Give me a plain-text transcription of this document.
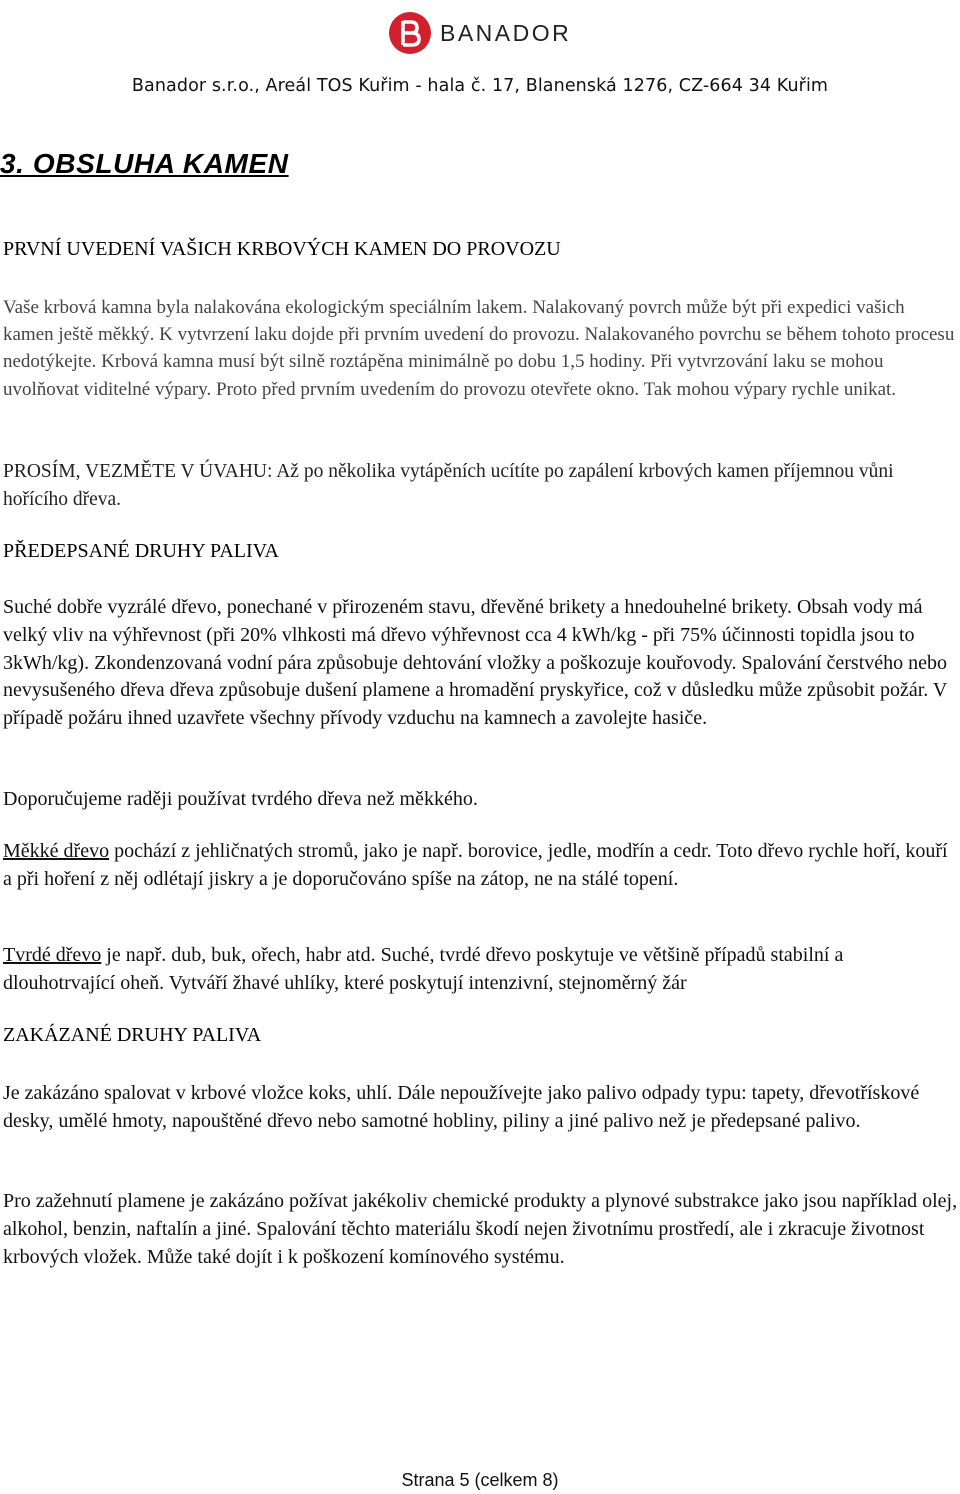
BANADOR
Banador s.r.o., Areál TOS Kuřim - hala č. 17, Blanenská 1276, CZ-664 34 Kuřim
3. OBSLUHA KAMEN
PRVNÍ UVEDENÍ VAŠICH KRBOVÝCH KAMEN DO PROVOZU

Vaše krbová kamna byla nalakována ekologickým speciálním lakem. Nalakovaný povrch může být při expedici vašich kamen ještě měkký. K vytvrzení laku dojde při prvním uvedení do provozu. Nalakovaného povrchu se během tohoto procesu nedotýkejte. Krbová kamna musí být silně roztápěna minimálně po dobu 1,5 hodiny. Při vytvrzování laku se mohou uvolňovat viditelné výpary. Proto před prvním uvedením do provozu otevřete okno. Tak mohou výpary rychle unikat.

PROSÍM, VEZMĚTE V ÚVAHU: Až po několika vytápěních ucítíte po zapálení krbových kamen příjemnou vůni hořícího dřeva.

PŘEDEPSANÉ DRUHY PALIVA

Suché dobře vyzrálé dřevo, ponechané v přirozeném stavu, dřevěné brikety a hnedouhelné brikety. Obsah vody má velký vliv na výhřevnost (při 20% vlhkosti má dřevo výhřevnost cca 4 kWh/kg - při 75% účinnosti topidla jsou to 3kWh/kg). Zkondenzovaná vodní pára způsobuje dehtování vložky a poškozuje kouřovody. Spalování čerstvého nebo nevysušeného dřeva dřeva způsobuje dušení plamene a hromadění pryskyřice, což v důsledku může způsobit požár. V případě požáru ihned uzavřete všechny přívody vzduchu na kamnech a zavolejte hasiče.

Doporučujeme raději používat tvrdého dřeva než měkkého.

Měkké dřevo pochází z jehličnatých stromů, jako je např. borovice, jedle, modřín a cedr. Toto dřevo rychle hoří, kouří a při hoření z něj odlétají jiskry a je doporučováno spíše na zátop, ne na stálé topení.

Tvrdé dřevo je např. dub, buk, ořech, habr atd. Suché, tvrdé dřevo poskytuje ve většině případů stabilní a dlouhotrvající oheň. Vytváří žhavé uhlíky, které poskytují intenzivní, stejnoměrný žár

ZAKÁZANÉ DRUHY PALIVA

Je zakázáno spalovat v krbové vložce koks, uhlí. Dále nepoužívejte jako palivo odpady typu: tapety, dřevotřískové desky, umělé hmoty, napouštěné dřevo nebo samotné hobliny, piliny a jiné palivo než je předepsané palivo.

Pro zažehnutí plamene je zakázáno požívat jakékoliv chemické produkty a plynové substrakce jako jsou například olej, alkohol, benzin, naftalín a jiné. Spalování těchto materiálu škodí nejen životnímu prostředí, ale i zkracuje životnost krbových vložek. Může také dojít i k poškození komínového systému.

Strana 5 (celkem 8)
